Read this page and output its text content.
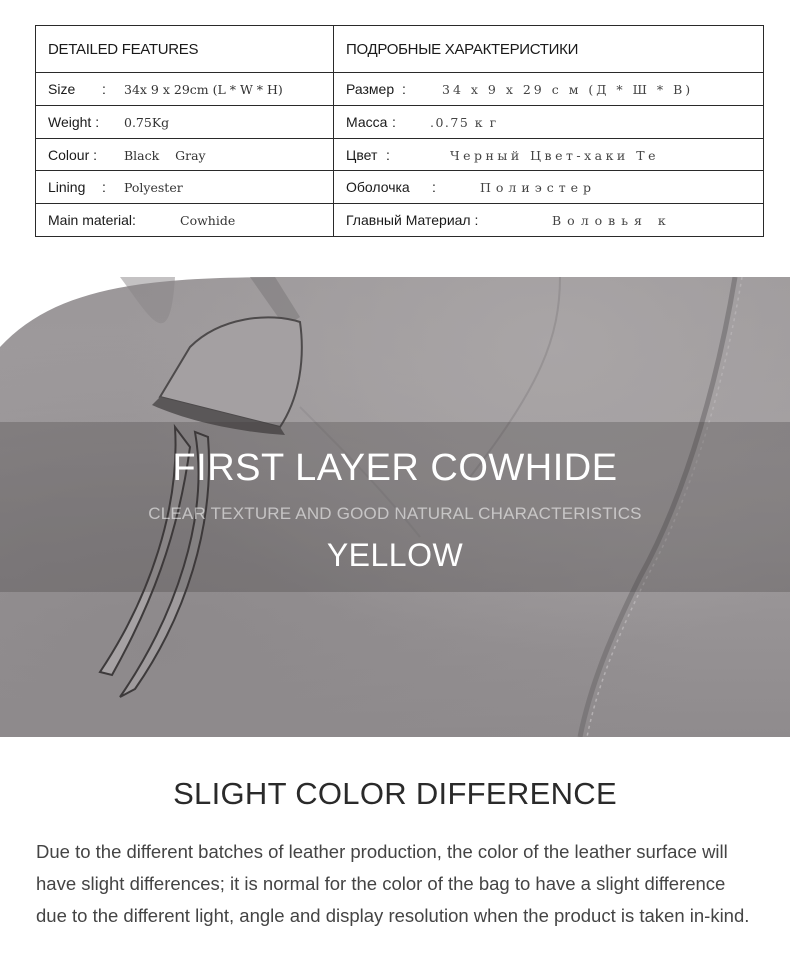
DETAILED FEATURES	ПОДРОБНЫЕ ХАРАКТЕРИСТИКИ
Size : 34x 9 x 29cm (L * W * H)	Размер : 34 х 9 х 29 с м (Д * Ш * В)
Weight : 0.75Kg	Масса : .0.75 к г
Colour : Black    Gray	Цвет : Черный Цвет-хаки Те
Lining : Polyester	Оболочка : Полиэстер
Main material: Cowhide	Главный Материал : Воловья к
FIRST LAYER COWHIDE
CLEAR TEXTURE AND GOOD NATURAL CHARACTERISTICS
YELLOW
SLIGHT COLOR DIFFERENCE

Due to the different batches of leather production, the color of the leather surface will have slight differences; it is normal for the color of the bag to have a slight difference due to the different light, angle and display resolution when the product is taken in-kind.
